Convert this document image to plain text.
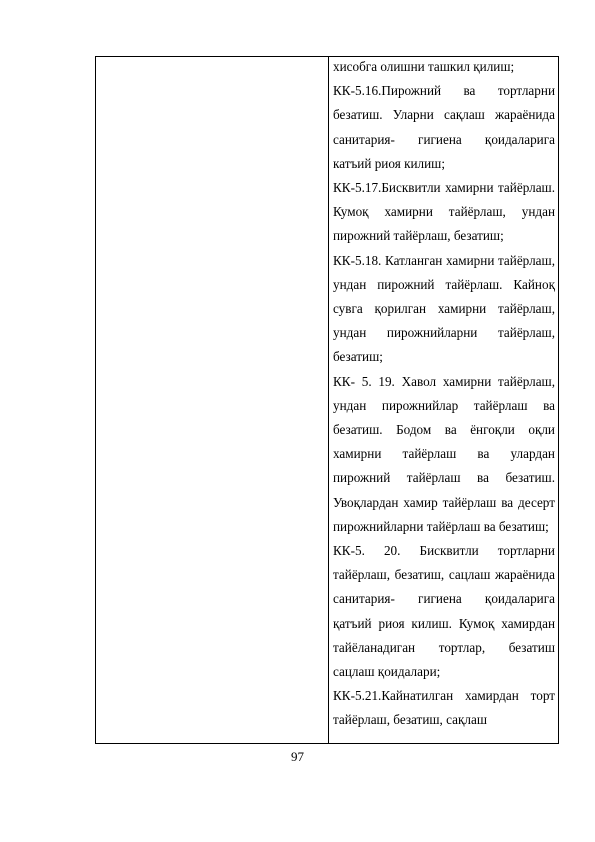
хисобга олишни ташкил қилиш;

КК-5.16.Пирожний ва тортларни безатиш. Уларни сақлаш жараёнида санитария- гигиена қоидаларига катъий риоя килиш;

КК-5.17.Бисквитли хамирни тайёрлаш. Кумоқ хамирни тайёрлаш, ундан пирожний тайёрлаш, безатиш;

КК-5.18. Катланган хамирни тайёрлаш, ундан пирожний тайёрлаш. Кайноқ сувга қорилган хамирни тайёрлаш, ундан пирожнийларни тайёрлаш, безатиш;

КК- 5. 19. Хавол хамирни тайёрлаш, ундан пирожнийлар тайёрлаш ва безатиш. Бодом ва ёнгоқли оқли хамирни тайёрлаш ва улардан пирожний тайёрлаш ва безатиш. Увоқлардан хамир тайёрлаш ва десерт пирожнийларни тайёрлаш ва безатиш;

КК-5. 20. Бисквитли тортларни тайёрлаш, безатиш, сацлаш жараёнида санитария- гигиена қоидаларига қатъий риоя килиш. Кумоқ хамирдан тайёланадиган тортлар, безатиш сацлаш қоидалари;

КК-5.21.Кайнатилган хамирдан торт тайёрлаш, безатиш, сақлаш

97
